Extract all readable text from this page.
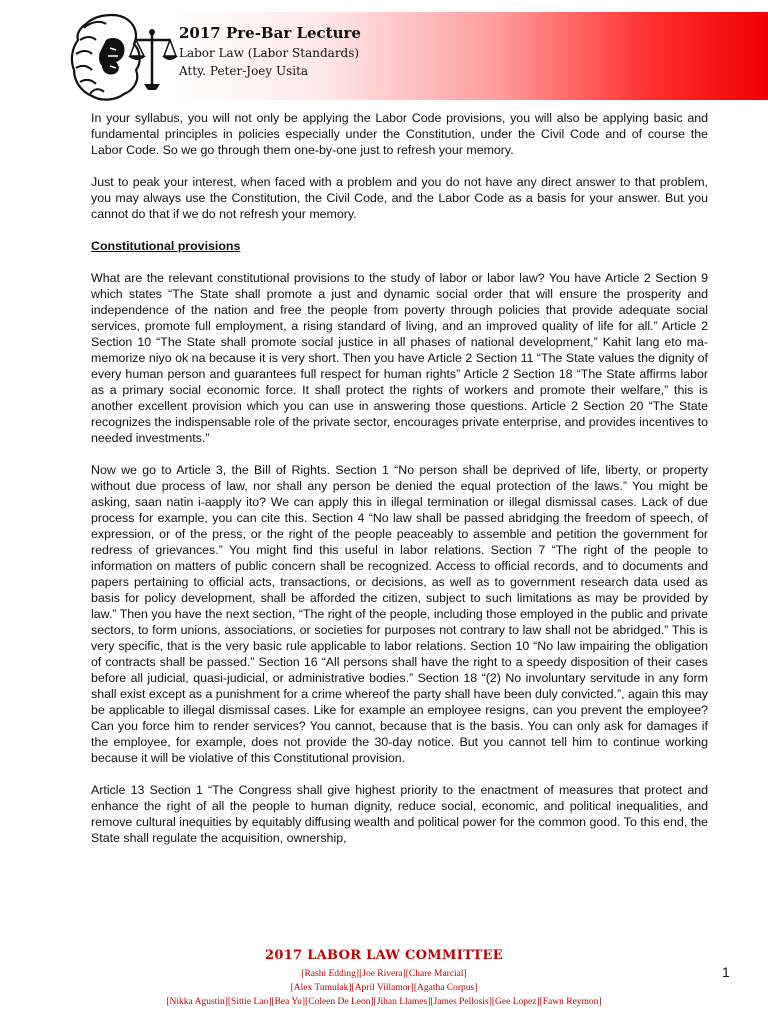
2017 Pre-Bar Lecture
Labor Law (Labor Standards)
Atty. Peter-Joey Usita

In your syllabus, you will not only be applying the Labor Code provisions, you will also be applying basic and fundamental principles in policies especially under the Constitution, under the Civil Code and of course the Labor Code. So we go through them one-by-one just to refresh your memory.

Just to peak your interest, when faced with a problem and you do not have any direct answer to that problem, you may always use the Constitution, the Civil Code, and the Labor Code as a basis for your answer. But you cannot do that if we do not refresh your memory.

Constitutional provisions

What are the relevant constitutional provisions to the study of labor or labor law? You have Article 2 Section 9 which states “The State shall promote a just and dynamic social order that will ensure the prosperity and independence of the nation and free the people from poverty through policies that provide adequate social services, promote full employment, a rising standard of living, and an improved quality of life for all.” Article 2 Section 10 “The State shall promote social justice in all phases of national development,” Kahit lang eto ma-memorize niyo ok na because it is very short. Then you have Article 2 Section 11 “The State values the dignity of every human person and guarantees full respect for human rights” Article 2 Section 18 “The State affirms labor as a primary social economic force. It shall protect the rights of workers and promote their welfare,” this is another excellent provision which you can use in answering those questions. Article 2 Section 20 “The State recognizes the indispensable role of the private sector, encourages private enterprise, and provides incentives to needed investments.”

Now we go to Article 3, the Bill of Rights. Section 1 “No person shall be deprived of life, liberty, or property without due process of law, nor shall any person be denied the equal protection of the laws.” You might be asking, saan natin i-aapply ito? We can apply this in illegal termination or illegal dismissal cases. Lack of due process for example, you can cite this. Section 4 “No law shall be passed abridging the freedom of speech, of expression, or of the press, or the right of the people peaceably to assemble and petition the government for redress of grievances.” You might find this useful in labor relations. Section 7 “The right of the people to information on matters of public concern shall be recognized. Access to official records, and to documents and papers pertaining to official acts, transactions, or decisions, as well as to government research data used as basis for policy development, shall be afforded the citizen, subject to such limitations as may be provided by law.” Then you have the next section, “The right of the people, including those employed in the public and private sectors, to form unions, associations, or societies for purposes not contrary to law shall not be abridged.” This is very specific, that is the very basic rule applicable to labor relations. Section 10 “No law impairing the obligation of contracts shall be passed.” Section 16 “All persons shall have the right to a speedy disposition of their cases before all judicial, quasi-judicial, or administrative bodies.” Section 18 “(2) No involuntary servitude in any form shall exist except as a punishment for a crime whereof the party shall have been duly convicted.”, again this may be applicable to illegal dismissal cases. Like for example an employee resigns, can you prevent the employee? Can you force him to render services? You cannot, because that is the basis. You can only ask for damages if the employee, for example, does not provide the 30-day notice. But you cannot tell him to continue working because it will be violative of this Constitutional provision.

Article 13 Section 1 “The Congress shall give highest priority to the enactment of measures that protect and enhance the right of all the people to human dignity, reduce social, economic, and political inequalities, and remove cultural inequities by equitably diffusing wealth and political power for the common good. To this end, the State shall regulate the acquisition, ownership,

2017 LABOR LAW COMMITTEE
[Rashi Edding][Joe Rivera][Chare Marcial]
[Alex Tumulak][April Villamor][Agatha Corpus]
[Nikka Agustin][Sittie Lao][Bea Yu][Coleen De Leon][Jihan Llames][James Pellosis][Gee Lopez][Fawn Reymon]
1
